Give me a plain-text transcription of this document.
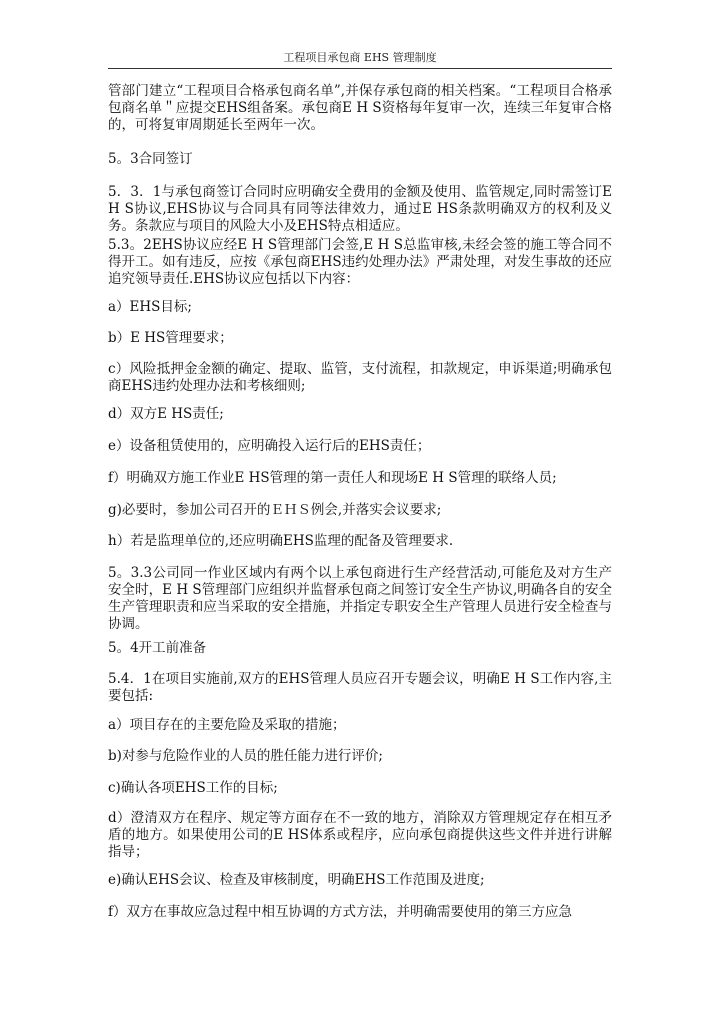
工程项目承包商 EHS 管理制度

管部门建立“工程项目合格承包商名单”,并保存承包商的相关档案。“工程项目合格承包商名单＂应提交EHS组备案。承包商E H S资格每年复审一次，连续三年复审合格的，可将复审周期延长至两年一次。

5。3合同签订

5．3．1与承包商签订合同时应明确安全费用的金额及使用、监管规定,同时需签订E H S协议,EHS协议与合同具有同等法律效力，通过E HS条款明确双方的权利及义务。条款应与项目的风险大小及EHS特点相适应。

5.3。2EHS协议应经E H S管理部门会签,E H S总监审核,未经会签的施工等合同不得开工。如有违反，应按《承包商EHS违约处理办法》严肃处理，对发生事故的还应追究领导责任.EHS协议应包括以下内容：

a）EHS目标;

b）E HS管理要求；

c）风险抵押金金额的确定、提取、监管，支付流程，扣款规定，申诉渠道;明确承包商EHS违约处理办法和考核细则;

d）双方E HS责任;

e）设备租赁使用的，应明确投入运行后的EHS责任；

f）明确双方施工作业E HS管理的第一责任人和现场E H S管理的联络人员;

g)必要时，参加公司召开的ＥＨＳ例会,并落实会议要求;

h）若是监理单位的,还应明确EHS监理的配备及管理要求.

5。3.3公司同一作业区域内有两个以上承包商进行生产经营活动,可能危及对方生产安全时，E H S管理部门应组织并监督承包商之间签订安全生产协议,明确各自的安全生产管理职责和应当采取的安全措施，并指定专职安全生产管理人员进行安全检查与协调。

5。4开工前准备

5.4．1在项目实施前,双方的EHS管理人员应召开专题会议，明确E H S工作内容,主要包括:

a）项目存在的主要危险及采取的措施；

b)对参与危险作业的人员的胜任能力进行评价;

c)确认各项EHS工作的目标;

d）澄清双方在程序、规定等方面存在不一致的地方，消除双方管理规定存在相互矛盾的地方。如果使用公司的E HS体系或程序，应向承包商提供这些文件并进行讲解指导；

e)确认EHS会议、检查及审核制度，明确EHS工作范围及进度;

f）双方在事故应急过程中相互协调的方式方法，并明确需要使用的第三方应急
